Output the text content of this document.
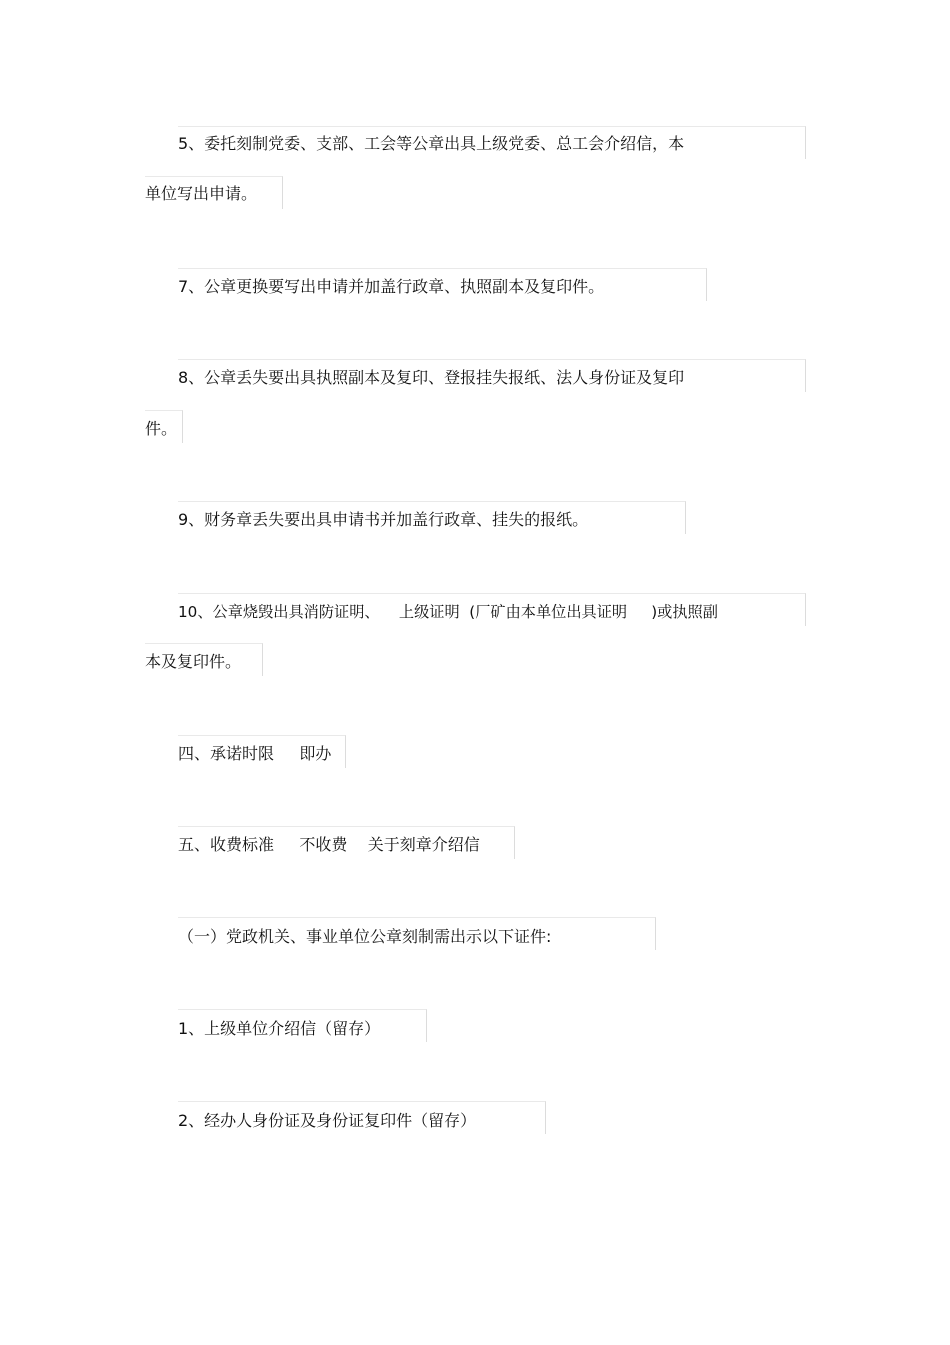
5、委托刻制党委、支部、工会等公章出具上级党委、总工会介绍信，本
单位写出申请。
7、公章更换要写出申请并加盖行政章、执照副本及复印件。
8、公章丢失要出具执照副本及复印、登报挂失报纸、法人身份证及复印
件。
9、财务章丢失要出具申请书并加盖行政章、挂失的报纸。
10、公章烧毁出具消防证明、    上级证明  (厂矿由本单位出具证明     )或执照副
本及复印件。
四、承诺时限     即办
五、收费标准     不收费    关于刻章介绍信
（一）党政机关、事业单位公章刻制需出示以下证件:
1、上级单位介绍信（留存）
2、经办人身份证及身份证复印件（留存）
